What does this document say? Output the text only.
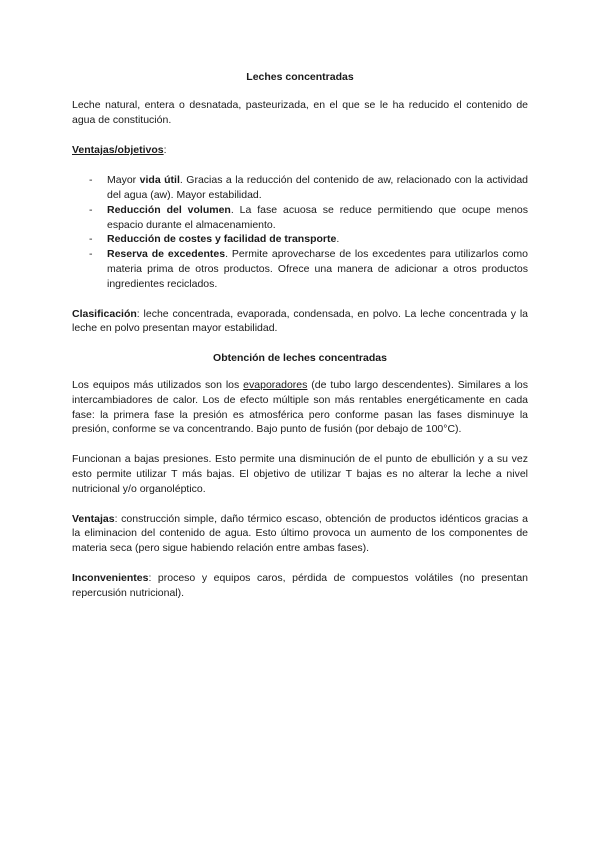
Leches concentradas

Leche natural, entera o desnatada, pasteurizada, en el que se le ha reducido el contenido de agua de constitución.

Ventajas/objetivos:

- Mayor vida útil. Gracias a la reducción del contenido de aw, relacionado con la actividad del agua (aw). Mayor estabilidad.
- Reducción del volumen. La fase acuosa se reduce permitiendo que ocupe menos espacio durante el almacenamiento.
- Reducción de costes y facilidad de transporte.
- Reserva de excedentes. Permite aprovecharse de los excedentes para utilizarlos como materia prima de otros productos. Ofrece una manera de adicionar a otros productos ingredientes reciclados.

Clasificación: leche concentrada, evaporada, condensada, en polvo. La leche concentrada y la leche en polvo presentan mayor estabilidad.

Obtención de leches concentradas

Los equipos más utilizados son los evaporadores (de tubo largo descendentes). Similares a los intercambiadores de calor. Los de efecto múltiple son más rentables energéticamente en cada fase: la primera fase la presión es atmosférica pero conforme pasan las fases disminuye la presión, conforme se va concentrando. Bajo punto de fusión (por debajo de 100°C).

Funcionan a bajas presiones. Esto permite una disminución de el punto de ebullición y a su vez esto permite utilizar T más bajas. El objetivo de utilizar T bajas es no alterar la leche a nivel nutricional y/o organoléptico.

Ventajas: construcción simple, daño térmico escaso, obtención de productos idénticos gracias a la eliminacion del contenido de agua. Esto último provoca un aumento de los componentes de materia seca (pero sigue habiendo relación entre ambas fases).

Inconvenientes: proceso y equipos caros, pérdida de compuestos volátiles (no presentan repercusión nutricional).
